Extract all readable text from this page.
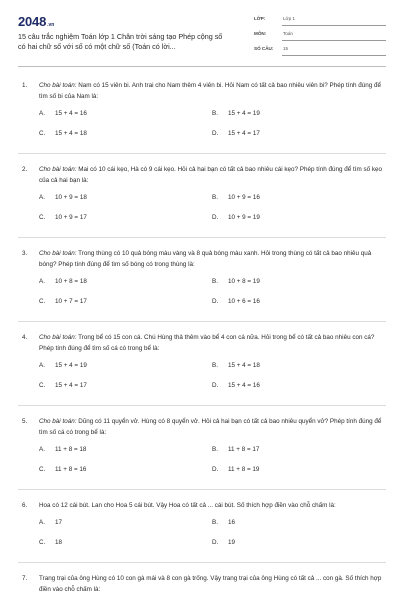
2048 .vn
15 câu trắc nghiệm Toán lớp 1 Chân trời sáng tạo Phép cộng số có hai chữ số với số có một chữ số (Toán có lời...
LỚP:	Lớp 1
MÔN:	Toán
SỐ CÂU: 15
1. Cho bài toán: Nam có 15 viên bi. Anh trai cho Nam thêm 4 viên bi. Hỏi Nam có tất cả bao nhiêu viên bi? Phép tính đúng để tìm số bi của Nam là:
A. 15 + 4 = 16	B. 15 + 4 = 19
C. 15 + 4 = 18	D. 15 + 4 = 17
2. Cho bài toán: Mai có 10 cái kẹo, Hà có 9 cái kẹo. Hỏi cả hai bạn có tất cả bao nhiêu cái kẹo? Phép tính đúng để tìm số kẹo của cả hai bạn là:
A. 10 + 9 = 18	B. 10 + 9 = 16
C. 10 + 9 = 17	D. 10 + 9 = 19
3. Cho bài toán: Trong thùng có 10 quả bóng màu vàng và 8 quả bóng màu xanh. Hỏi trong thùng có tất cả bao nhiêu quả bóng? Phép tính đúng để tìm số bóng có trong thùng là:
A. 10 + 8 = 18	B. 10 + 8 = 19
C. 10 + 7 = 17	D. 10 + 6 = 16
4. Cho bài toán: Trong bể có 15 con cá. Chú Hùng thả thêm vào bể 4 con cá nữa. Hỏi trong bể có tất cả bao nhiêu con cá? Phép tính đúng để tìm số cá có trong bể là:
A. 15 + 4 = 19	B. 15 + 4 = 18
C. 15 + 4 = 17	D. 15 + 4 = 16
5. Cho bài toán: Dũng có 11 quyển vở. Hùng có 8 quyển vở. Hỏi cả hai bạn có tất cả bao nhiêu quyển vở? Phép tính đúng để tìm số cá có trong bể là:
A. 11 + 8 = 18	B. 11 + 8 = 17
C. 11 + 8 = 16	D. 11 + 8 = 19
6. Hoa có 12 cái bút. Lan cho Hoa 5 cái bút. Vậy Hoa có tất cả ... cái bút. Số thích hợp điền vào chỗ chấm là:
A. 17	B. 16
C. 18	D. 19
7. Trang trại của ông Hùng có 10 con gà mái và 8 con gà trống. Vậy trang trại của ông Hùng có tất cả ... con gà. Số thích hợp điền vào chỗ chấm là:
